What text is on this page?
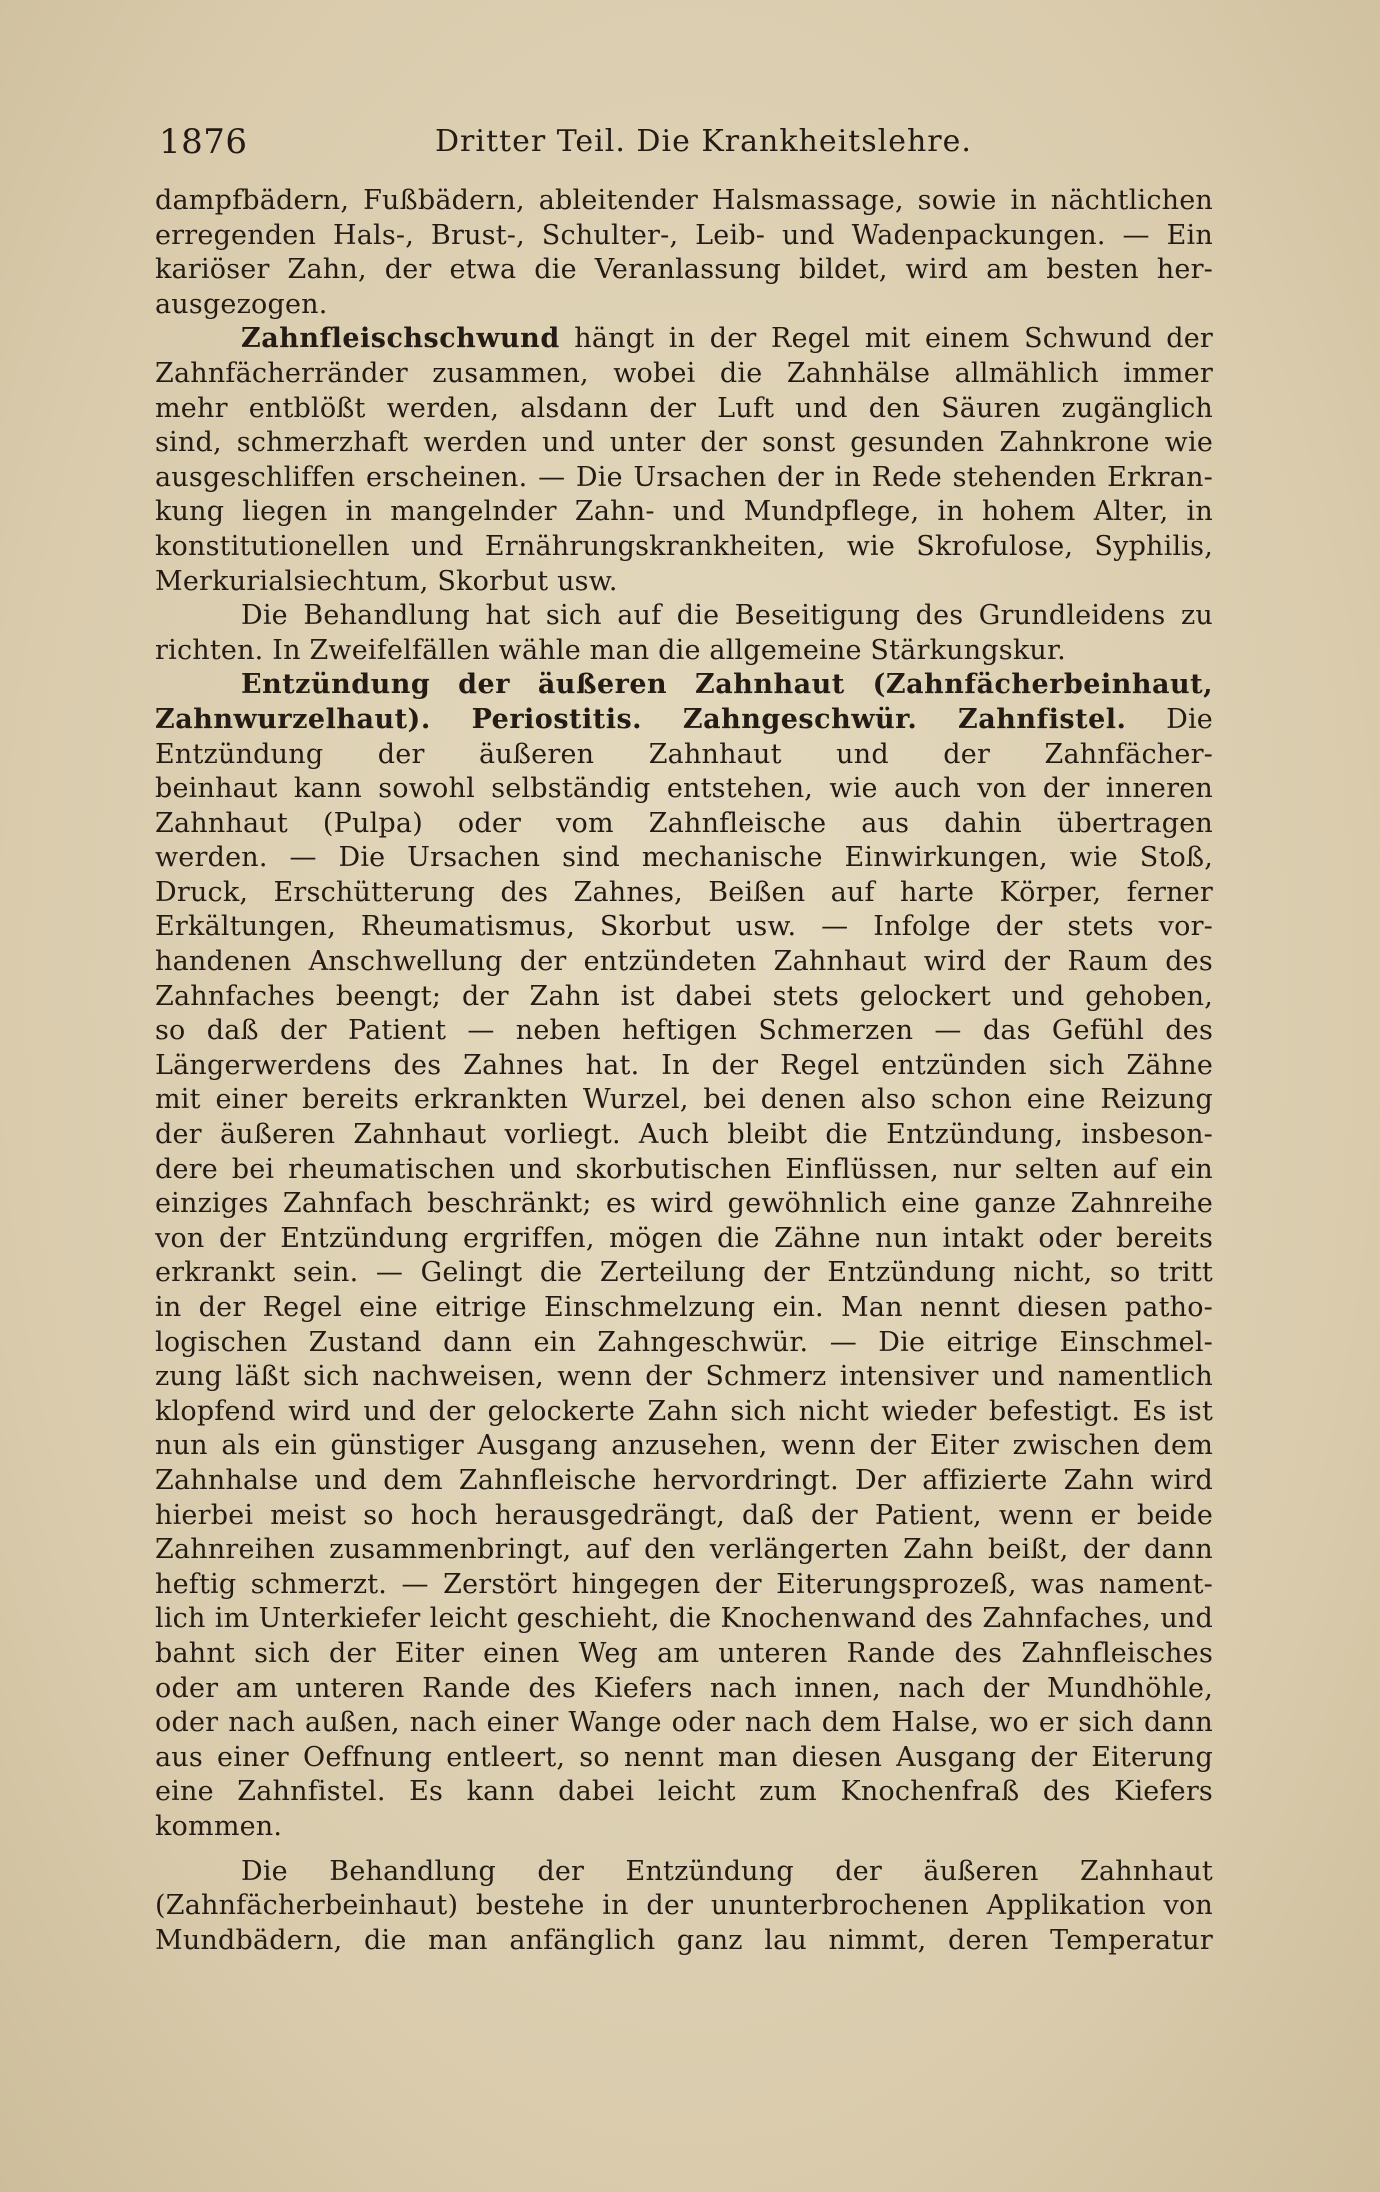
1876	Dritter Teil. Die Krankheitslehre.
dampfbädern, Fußbädern, ableitender Halsmassage, sowie in nächtlichen
erregenden Hals-, Brust-, Schulter-, Leib- und Wadenpackungen. — Ein
kariöser Zahn, der etwa die Veranlassung bildet, wird am besten her-
ausgezogen.
Zahnfleischschwund hängt in der Regel mit einem Schwund der
Zahnfächerränder zusammen, wobei die Zahnhälse allmählich immer
mehr entblößt werden, alsdann der Luft und den Säuren zugänglich
sind, schmerzhaft werden und unter der sonst gesunden Zahnkrone wie
ausgeschliffen erscheinen. — Die Ursachen der in Rede stehenden Erkran-
kung liegen in mangelnder Zahn- und Mundpflege, in hohem Alter, in
konstitutionellen und Ernährungskrankheiten, wie Skrofulose, Syphilis,
Merkurialsiechtum, Skorbut usw.
Die Behandlung hat sich auf die Beseitigung des Grundleidens zu
richten. In Zweifelfällen wähle man die allgemeine Stärkungskur.
Entzündung der äußeren Zahnhaut (Zahnfächerbeinhaut,
Zahnwurzelhaut). Periostitis. Zahngeschwür. Zahnfistel. Die
Entzündung der äußeren Zahnhaut und der Zahnfächer-
beinhaut kann sowohl selbständig entstehen, wie auch von der inneren
Zahnhaut (Pulpa) oder vom Zahnfleische aus dahin übertragen
werden. — Die Ursachen sind mechanische Einwirkungen, wie Stoß,
Druck, Erschütterung des Zahnes, Beißen auf harte Körper, ferner
Erkältungen, Rheumatismus, Skorbut usw. — Infolge der stets vor-
handenen Anschwellung der entzündeten Zahnhaut wird der Raum des
Zahnfaches beengt; der Zahn ist dabei stets gelockert und gehoben,
so daß der Patient — neben heftigen Schmerzen — das Gefühl des
Längerwerdens des Zahnes hat. In der Regel entzünden sich Zähne
mit einer bereits erkrankten Wurzel, bei denen also schon eine Reizung
der äußeren Zahnhaut vorliegt. Auch bleibt die Entzündung, insbeson-
dere bei rheumatischen und skorbutischen Einflüssen, nur selten auf ein
einziges Zahnfach beschränkt; es wird gewöhnlich eine ganze Zahnreihe
von der Entzündung ergriffen, mögen die Zähne nun intakt oder bereits
erkrankt sein. — Gelingt die Zerteilung der Entzündung nicht, so tritt
in der Regel eine eitrige Einschmelzung ein. Man nennt diesen patho-
logischen Zustand dann ein Zahngeschwür. — Die eitrige Einschmel-
zung läßt sich nachweisen, wenn der Schmerz intensiver und namentlich
klopfend wird und der gelockerte Zahn sich nicht wieder befestigt. Es ist
nun als ein günstiger Ausgang anzusehen, wenn der Eiter zwischen dem
Zahnhalse und dem Zahnfleische hervordringt. Der affizierte Zahn wird
hierbei meist so hoch herausgedrängt, daß der Patient, wenn er beide
Zahnreihen zusammenbringt, auf den verlängerten Zahn beißt, der dann
heftig schmerzt. — Zerstört hingegen der Eiterungsprozeß, was nament-
lich im Unterkiefer leicht geschieht, die Knochenwand des Zahnfaches, und
bahnt sich der Eiter einen Weg am unteren Rande des Zahnfleisches
oder am unteren Rande des Kiefers nach innen, nach der Mundhöhle,
oder nach außen, nach einer Wange oder nach dem Halse, wo er sich dann
aus einer Oeffnung entleert, so nennt man diesen Ausgang der Eiterung
eine Zahnfistel. Es kann dabei leicht zum Knochenfraß des Kiefers
kommen.
Die Behandlung der Entzündung der äußeren Zahnhaut
(Zahnfächerbeinhaut) bestehe in der ununterbrochenen Applikation von
Mundbädern, die man anfänglich ganz lau nimmt, deren Temperatur
